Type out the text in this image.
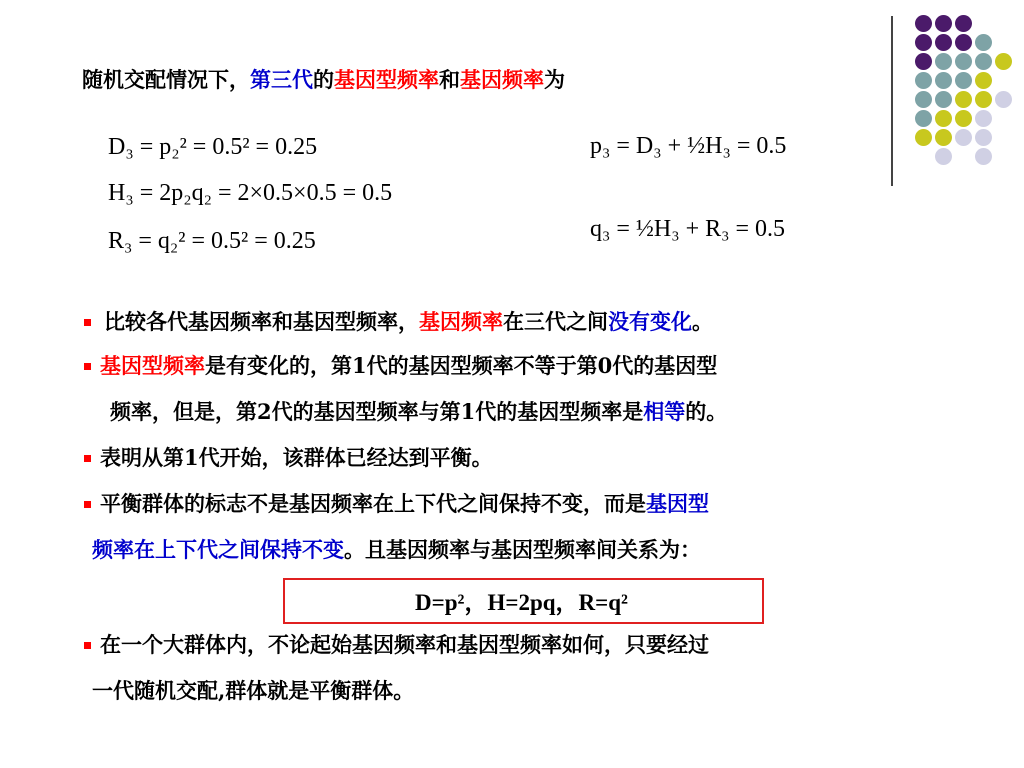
随机交配情况下，第三代的基因型频率和基因频率为
D₃ = p₂² = 0.5² = 0.25
H₃ = 2p₂q₂ = 2×0.5×0.5 = 0.5
R₃ = q₂² = 0.5² = 0.25
p₃ = D₃ + ½H₃ = 0.5
q₃ = ½H₃ + R₃ = 0.5
比较各代基因频率和基因型频率，基因频率在三代之间没有变化。
基因型频率是有变化的，第1代的基因型频率不等于第0代的基因型
频率，但是，第2代的基因型频率与第1代的基因型频率是相等的。
表明从第1代开始，该群体已经达到平衡。
平衡群体的标志不是基因频率在上下代之间保持不变，而是基因型
频率在上下代之间保持不变。且基因频率与基因型频率间关系为：
D=p²，H=2pq，R=q²
在一个大群体内，不论起始基因频率和基因型频率如何，只要经过
一代随机交配,群体就是平衡群体。
